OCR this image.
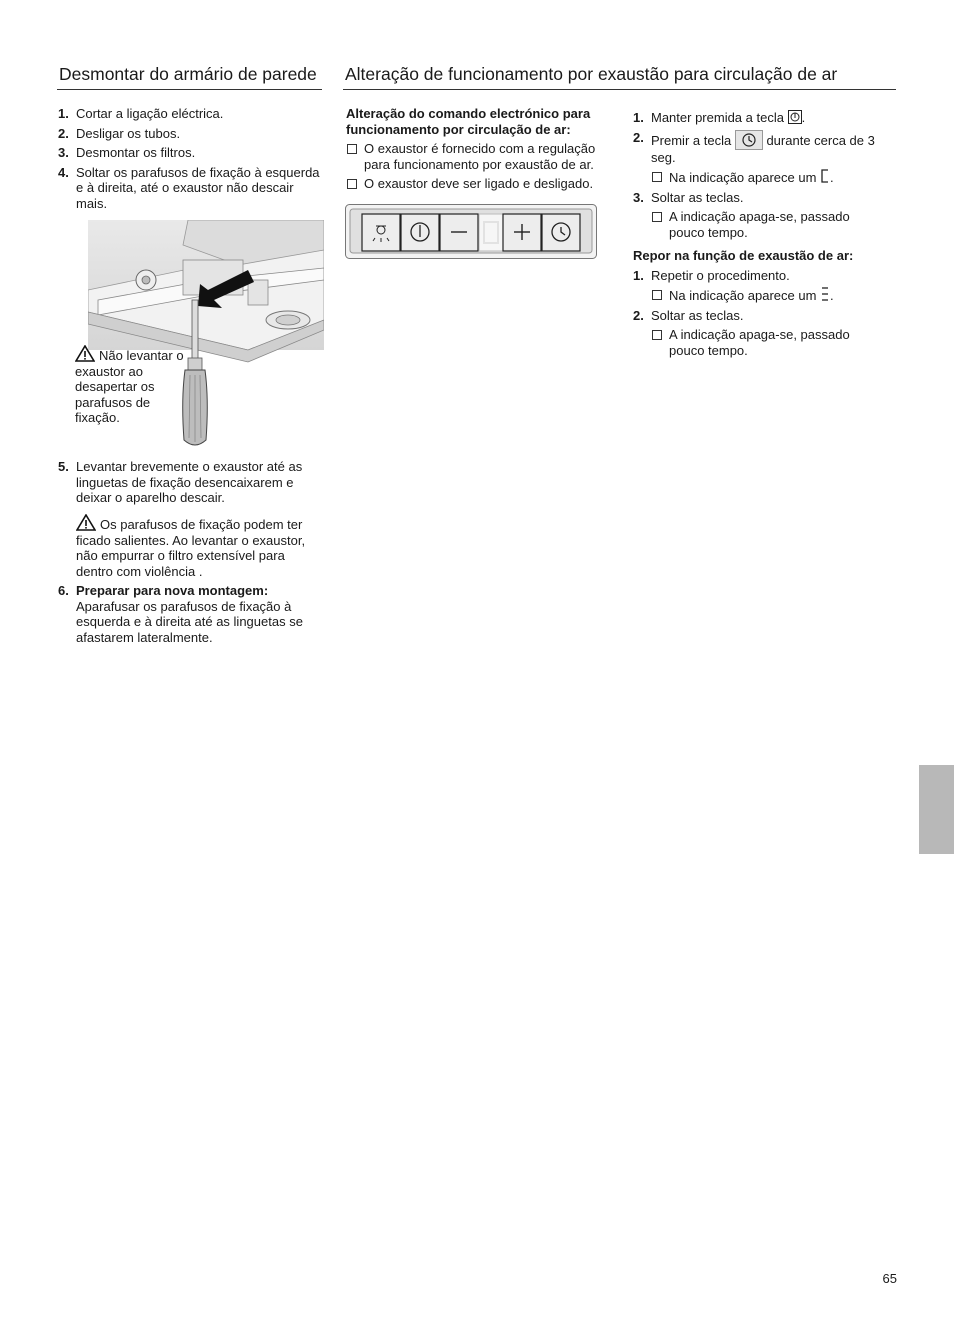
Desmontar do armário de parede
1. Cortar a ligação eléctrica.
2. Desligar os tubos.
3. Desmontar os filtros.
4. Soltar os parafusos de fixação à esquerda e à direita, até o exaustor não descair mais.
Não levantar o exaustor ao desapertar os parafusos de fixação.
5. Levantar brevemente o exaustor até as linguetas de fixação desencaixarem e deixar o aparelho descair.
Os parafusos de fixação podem ter ficado salientes. Ao levantar o exaustor, não empurrar o filtro extensível para dentro com violência .
6. Preparar para nova montagem:
Aparafusar os parafusos de fixação à esquerda e à direita até as linguetas se afastarem lateralmente.
Alteração de funcionamento por exaustão para circulação de ar
Alteração do comando electrónico para funcionamento por circulação de ar:
O exaustor é fornecido com a regulação para funcionamento por exaustão de ar.
O exaustor deve ser ligado e desligado.
1. Manter premida a tecla .
2. Premir a tecla	durante cerca de 3 seg.
Na indicação aparece um .
3. Soltar as teclas.
A indicação apaga-se, passado pouco tempo.
Repor na função de exaustão de ar:
1. Repetir o procedimento.
Na indicação aparece um .
2. Soltar as teclas.
A indicação apaga-se, passado pouco tempo.
65
